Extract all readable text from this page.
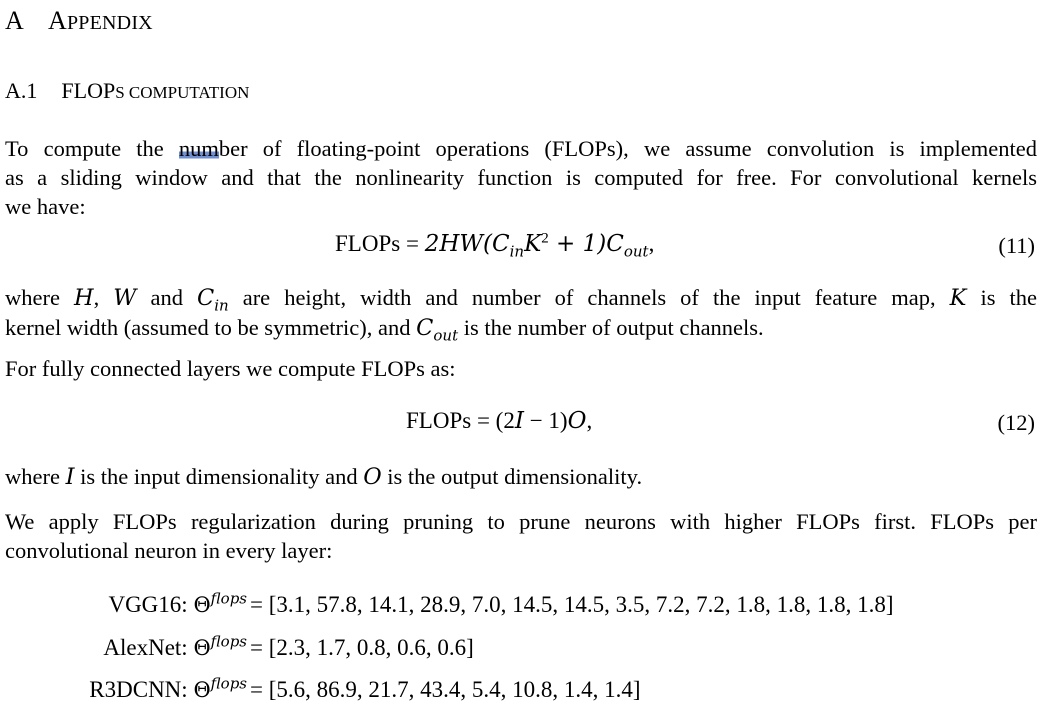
A APPENDIX
A.1 FLOPS COMPUTATION
To compute the number of floating-point operations (FLOPs), we assume convolution is implemented
as a sliding window and that the nonlinearity function is computed for free. For convolutional kernels
we have:
FLOPs = $2HW(C_{in}K^2 + 1)C_{out}$,	(11)
where H, W and $C_{in}$ are height, width and number of channels of the input feature map, K is the
kernel width (assumed to be symmetric), and $C_{out}$ is the number of output channels.
For fully connected layers we compute FLOPs as:
FLOPs = (2I − 1)O,	(12)
where I is the input dimensionality and O is the output dimensionality.
We apply FLOPs regularization during pruning to prune neurons with higher FLOPs first. FLOPs per
convolutional neuron in every layer:
VGG16: $\Theta^{flops} = [3.1$, 57.8, 14.1, 28.9, 7.0, 14.5, 14.5, 3.5, 7.2, 7.2, 1.8, 1.8, 1.8, 1.8]
AlexNet: $\Theta^{flops} = [2.3$, 1.7, 0.8, 0.6, 0.6]
R3DCNN: $\Theta^{flops} = [5.6$, 86.9, 21.7, 43.4, 5.4, 10.8, 1.4, 1.4]
